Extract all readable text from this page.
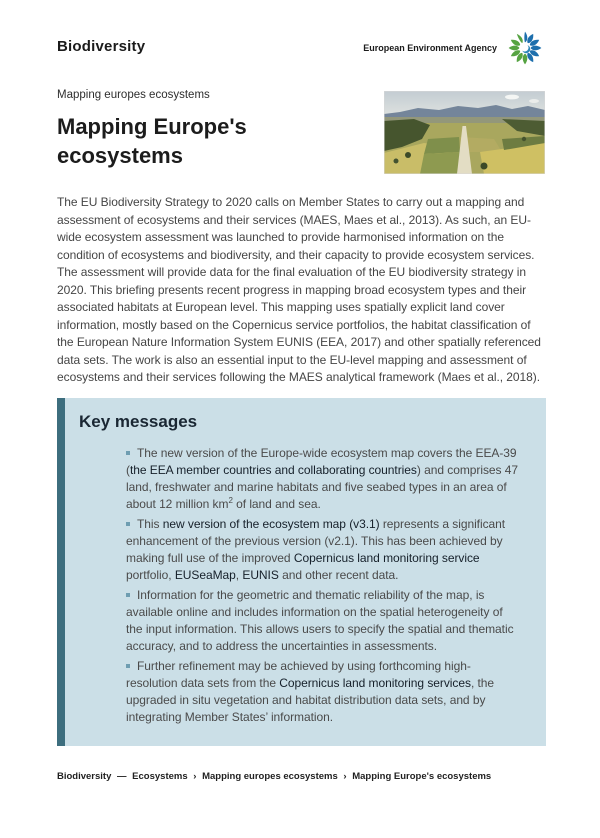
Biodiversity	European Environment Agency
Mapping europes ecosystems
Mapping Europe's ecosystems

The EU Biodiversity Strategy to 2020 calls on Member States to carry out a mapping and assessment of ecosystems and their services (MAES, Maes et al., 2013). As such, an EU-wide ecosystem assessment was launched to provide harmonised information on the condition of ecosystems and biodiversity, and their capacity to provide ecosystem services. The assessment will provide data for the final evaluation of the EU biodiversity strategy in 2020. This briefing presents recent progress in mapping broad ecosystem types and their associated habitats at European level. This mapping uses spatially explicit land cover information, mostly based on the Copernicus service portfolios, the habitat classification of the European Nature Information System EUNIS (EEA, 2017) and other spatially referenced data sets. The work is also an essential input to the EU-level mapping and assessment of ecosystems and their services following the MAES analytical framework (Maes et al., 2018).

Key messages
The new version of the Europe-wide ecosystem map covers the EEA-39 (the EEA member countries and collaborating countries) and comprises 47 land, freshwater and marine habitats and five seabed types in an area of about 12 million $km^2$ of land and sea.
This new version of the ecosystem map (v3.1) represents a significant enhancement of the previous version (v2.1). This has been achieved by making full use of the improved Copernicus land monitoring service portfolio, EUSeaMap, EUNIS and other recent data.
Information for the geometric and thematic reliability of the map, is available online and includes information on the spatial heterogeneity of the input information. This allows users to specify the spatial and thematic accuracy, and to address the uncertainties in assessments.
Further refinement may be achieved by using forthcoming high-resolution data sets from the Copernicus land monitoring services, the upgraded in situ vegetation and habitat distribution data sets, and by integrating Member States’ information.
Biodiversity — Ecosystems › Mapping europes ecosystems › Mapping Europe's ecosystems
